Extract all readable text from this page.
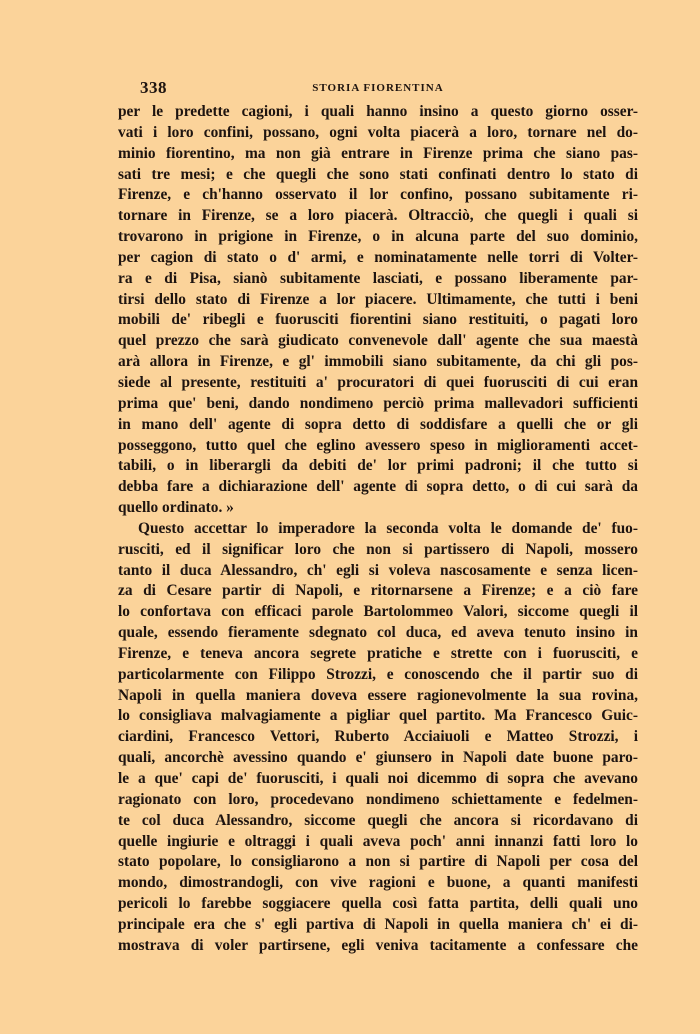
338	STORIA FIORENTINA
per le predette cagioni, i quali hanno insino a questo giorno osser-
vati i loro confini, possano, ogni volta piacerà a loro, tornare nel do-
minio fiorentino, ma non già entrare in Firenze prima che siano pas-
sati tre mesi; e che quegli che sono stati confinati dentro lo stato di
Firenze, e ch'hanno osservato il lor confino, possano subitamente ri-
tornare in Firenze, se a loro piacerà. Oltracciò, che quegli i quali si
trovarono in prigione in Firenze, o in alcuna parte del suo dominio,
per cagion di stato o d' armi, e nominatamente nelle torri di Volter-
ra e di Pisa, sianò subitamente lasciati, e possano liberamente par-
tirsi dello stato di Firenze a lor piacere. Ultimamente, che tutti i beni
mobili de' ribegli e fuorusciti fiorentini siano restituiti, o pagati loro
quel prezzo che sarà giudicato convenevole dall' agente che sua maestà
arà allora in Firenze, e gl' immobili siano subitamente, da chi gli pos-
siede al presente, restituiti a' procuratori di quei fuorusciti di cui eran
prima que' beni, dando nondimeno perciò prima mallevadori sufficienti
in mano dell' agente di sopra detto di soddisfare a quelli che or gli
posseggono, tutto quel che eglino avessero speso in miglioramenti accet-
tabili, o in liberargli da debiti de' lor primi padroni; il che tutto si
debba fare a dichiarazione dell' agente di sopra detto, o di cui sarà da
quello ordinato. »
Questo accettar lo imperadore la seconda volta le domande de' fuo-
rusciti, ed il significar loro che non si partissero di Napoli, mossero
tanto il duca Alessandro, ch' egli si voleva nascosamente e senza licen-
za di Cesare partir di Napoli, e ritornarsene a Firenze; e a ciò fare
lo confortava con efficaci parole Bartolommeo Valori, siccome quegli il
quale, essendo fieramente sdegnato col duca, ed aveva tenuto insino in
Firenze, e teneva ancora segrete pratiche e strette con i fuorusciti, e
particolarmente con Filippo Strozzi, e conoscendo che il partir suo di
Napoli in quella maniera doveva essere ragionevolmente la sua rovina,
lo consigliava malvagiamente a pigliar quel partito. Ma Francesco Guic-
ciardini, Francesco Vettori, Ruberto Acciaiuoli e Matteo Strozzi, i
quali, ancorchè avessino quando e' giunsero in Napoli date buone paro-
le a que' capi de' fuorusciti, i quali noi dicemmo di sopra che avevano
ragionato con loro, procedevano nondimeno schiettamente e fedelmen-
te col duca Alessandro, siccome quegli che ancora si ricordavano di
quelle ingiurie e oltraggi i quali aveva poch' anni innanzi fatti loro lo
stato popolare, lo consigliarono a non si partire di Napoli per cosa del
mondo, dimostrandogli, con vive ragioni e buone, a quanti manifesti
pericoli lo farebbe soggiacere quella così fatta partita, delli quali uno
principale era che s' egli partiva di Napoli in quella maniera ch' ei di-
mostrava di voler partirsene, egli veniva tacitamente a confessare che
